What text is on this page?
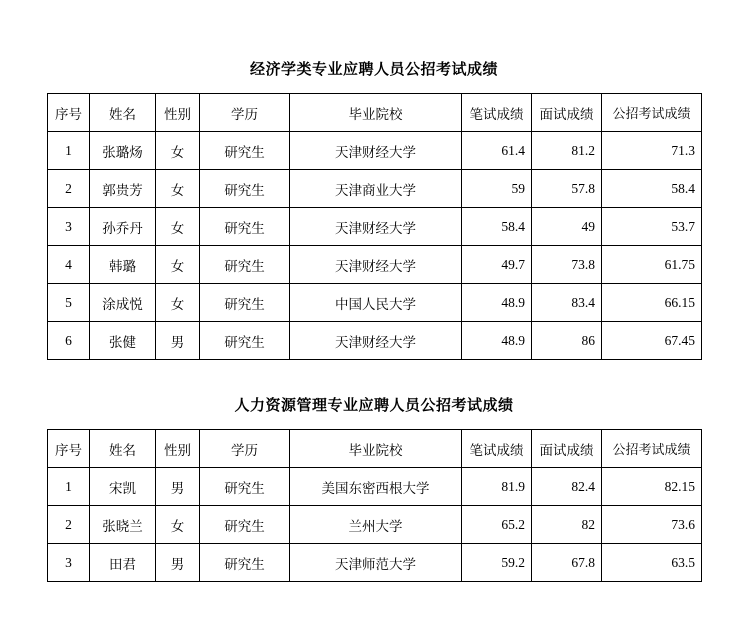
经济学类专业应聘人员公招考试成绩
序号	姓名	性别	学历	毕业院校	笔试成绩	面试成绩	公招考试成绩
1	张璐炀	女	研究生	天津财经大学	61.4	81.2	71.3
2	郭贵芳	女	研究生	天津商业大学	59	57.8	58.4
3	孙乔丹	女	研究生	天津财经大学	58.4	49	53.7
4	韩璐	女	研究生	天津财经大学	49.7	73.8	61.75
5	涂成悦	女	研究生	中国人民大学	48.9	83.4	66.15
6	张健	男	研究生	天津财经大学	48.9	86	67.45
人力资源管理专业应聘人员公招考试成绩
序号	姓名	性别	学历	毕业院校	笔试成绩	面试成绩	公招考试成绩
1	宋凯	男	研究生	美国东密西根大学	81.9	82.4	82.15
2	张晓兰	女	研究生	兰州大学	65.2	82	73.6
3	田君	男	研究生	天津师范大学	59.2	67.8	63.5
